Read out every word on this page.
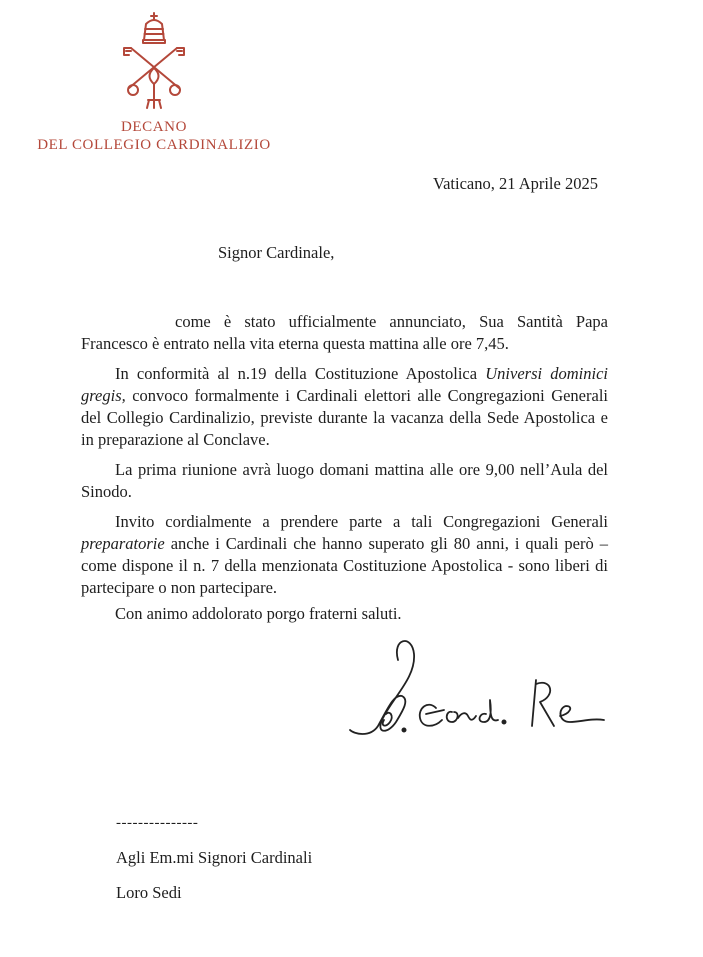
DECANO
DEL COLLEGIO CARDINALIZIO
Vaticano, 21 Aprile 2025
Signor Cardinale,

come è stato ufficialmente annunciato, Sua Santità Papa Francesco è entrato nella vita eterna questa mattina alle ore 7,45.

In conformità al n.19 della Costituzione Apostolica Universi dominici gregis, convoco formalmente i Cardinali elettori alle Congregazioni Generali del Collegio Cardinalizio, previste durante la vacanza della Sede Apostolica e in preparazione al Conclave.

La prima riunione avrà luogo domani mattina alle ore 9,00 nell’Aula del Sinodo.

Invito cordialmente a prendere parte a tali Congregazioni Generali preparatorie anche i Cardinali che hanno superato gli 80 anni, i quali però – come dispone il n. 7 della menzionata Costituzione Apostolica - sono liberi di partecipare o non partecipare.

Con animo addolorato porgo fraterni saluti.

---------------
Agli Em.mi Signori Cardinali
Loro Sedi
